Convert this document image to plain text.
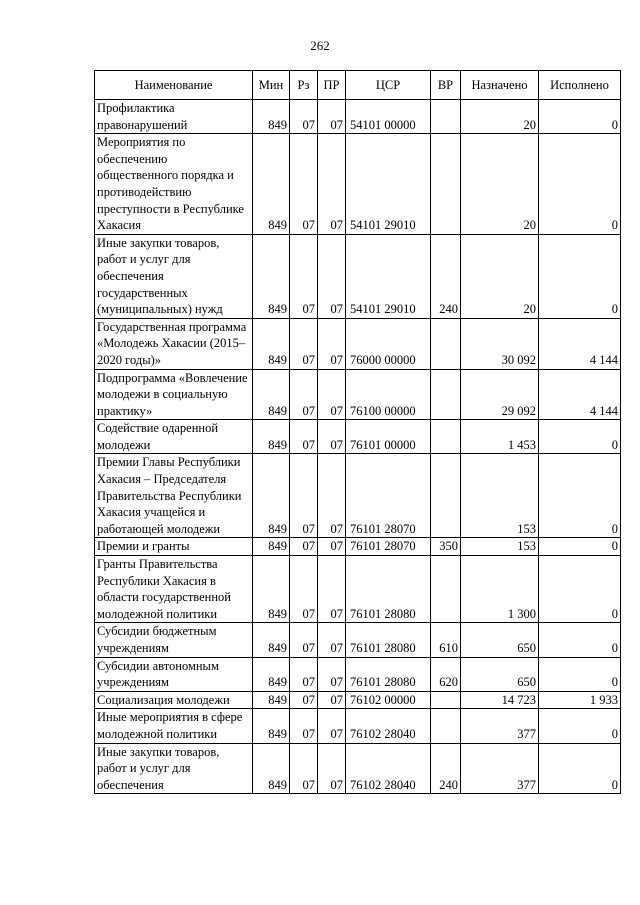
262
Наименование	Мин	Рз	ПР	ЦСР	ВР	Назначено	Исполнено
Профилактика правонарушений	849	07	07	54101 00000		20	0
Мероприятия по обеспечению общественного порядка и противодействию преступности в Республике Хакасия	849	07	07	54101 29010		20	0
Иные закупки товаров, работ и услуг для обеспечения государственных (муниципальных) нужд	849	07	07	54101 29010	240	20	0
Государственная программа «Молодежь Хакасии (2015–2020 годы)»	849	07	07	76000 00000		30 092	4 144
Подпрограмма «Вовлечение молодежи в социальную практику»	849	07	07	76100 00000		29 092	4 144
Содействие одаренной молодежи	849	07	07	76101 00000		1 453	0
Премии Главы Республики Хакасия – Председателя Правительства Республики Хакасия учащейся и работающей молодежи	849	07	07	76101 28070		153	0
Премии и гранты	849	07	07	76101 28070	350	153	0
Гранты Правительства Республики Хакасия в области государственной молодежной политики	849	07	07	76101 28080		1 300	0
Субсидии бюджетным учреждениям	849	07	07	76101 28080	610	650	0
Субсидии автономным учреждениям	849	07	07	76101 28080	620	650	0
Социализация молодежи	849	07	07	76102 00000		14 723	1 933
Иные мероприятия в сфере молодежной политики	849	07	07	76102 28040		377	0
Иные закупки товаров, работ и услуг для обеспечения	849	07	07	76102 28040	240	377	0
